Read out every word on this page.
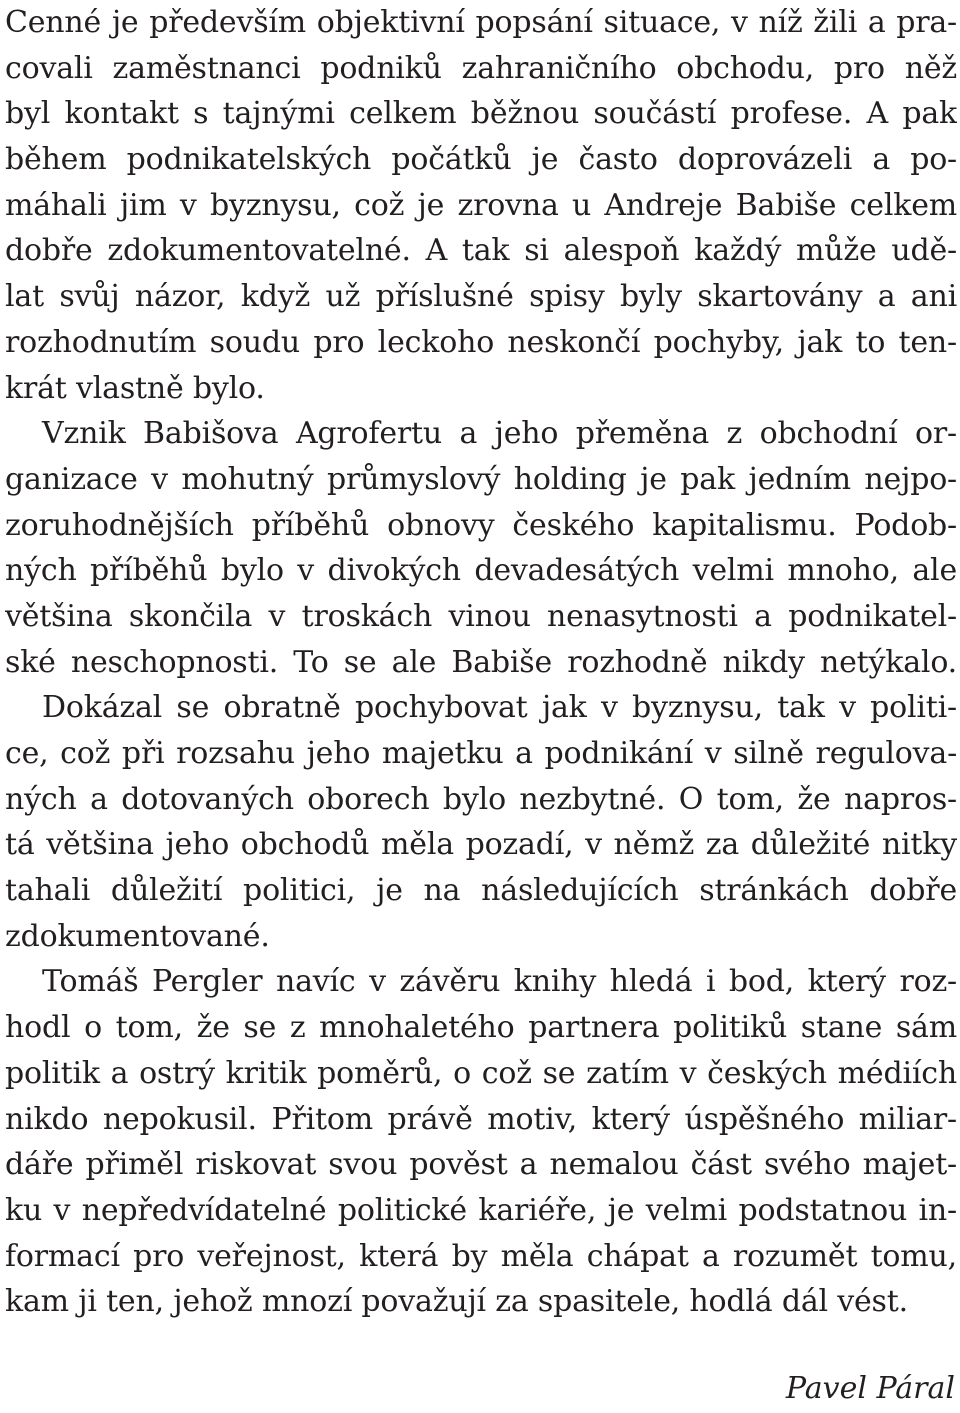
Cenné je především objektivní popsání situace, v níž žili a pra-
covali zaměstnanci podniků zahraničního obchodu, pro něž
byl kontakt s tajnými celkem běžnou součástí profese. A pak
během podnikatelských počátků je často doprovázeli a po-
máhali jim v byznysu, což je zrovna u Andreje Babiše celkem
dobře zdokumentovatelné. A tak si alespoň každý může udě-
lat svůj názor, když už příslušné spisy byly skartovány a ani
rozhodnutím soudu pro leckoho neskončí pochyby, jak to ten-
krát vlastně bylo.
Vznik Babišova Agrofertu a jeho přeměna z obchodní or-
ganizace v mohutný průmyslový holding je pak jedním nejpo-
zoruhodnějších příběhů obnovy českého kapitalismu. Podob-
ných příběhů bylo v divokých devadesátých velmi mnoho, ale
většina skončila v troskách vinou nenasytnosti a podnikatel-
ské neschopnosti. To se ale Babiše rozhodně nikdy netýkalo.
Dokázal se obratně pochybovat jak v byznysu, tak v politi-
ce, což při rozsahu jeho majetku a podnikání v silně regulova-
ných a dotovaných oborech bylo nezbytné. O tom, že napros-
tá většina jeho obchodů měla pozadí, v němž za důležité nitky
tahali důležití politici, je na následujících stránkách dobře
zdokumentované.
Tomáš Pergler navíc v závěru knihy hledá i bod, který roz-
hodl o tom, že se z mnohaletého partnera politiků stane sám
politik a ostrý kritik poměrů, o což se zatím v českých médiích
nikdo nepokusil. Přitom právě motiv, který úspěšného miliar-
dáře přiměl riskovat svou pověst a nemalou část svého majet-
ku v nepředvídatelné politické kariéře, je velmi podstatnou in-
formací pro veřejnost, která by měla chápat a rozumět tomu,
kam ji ten, jehož mnozí považují za spasitele, hodlá dál vést.
Pavel Páral
